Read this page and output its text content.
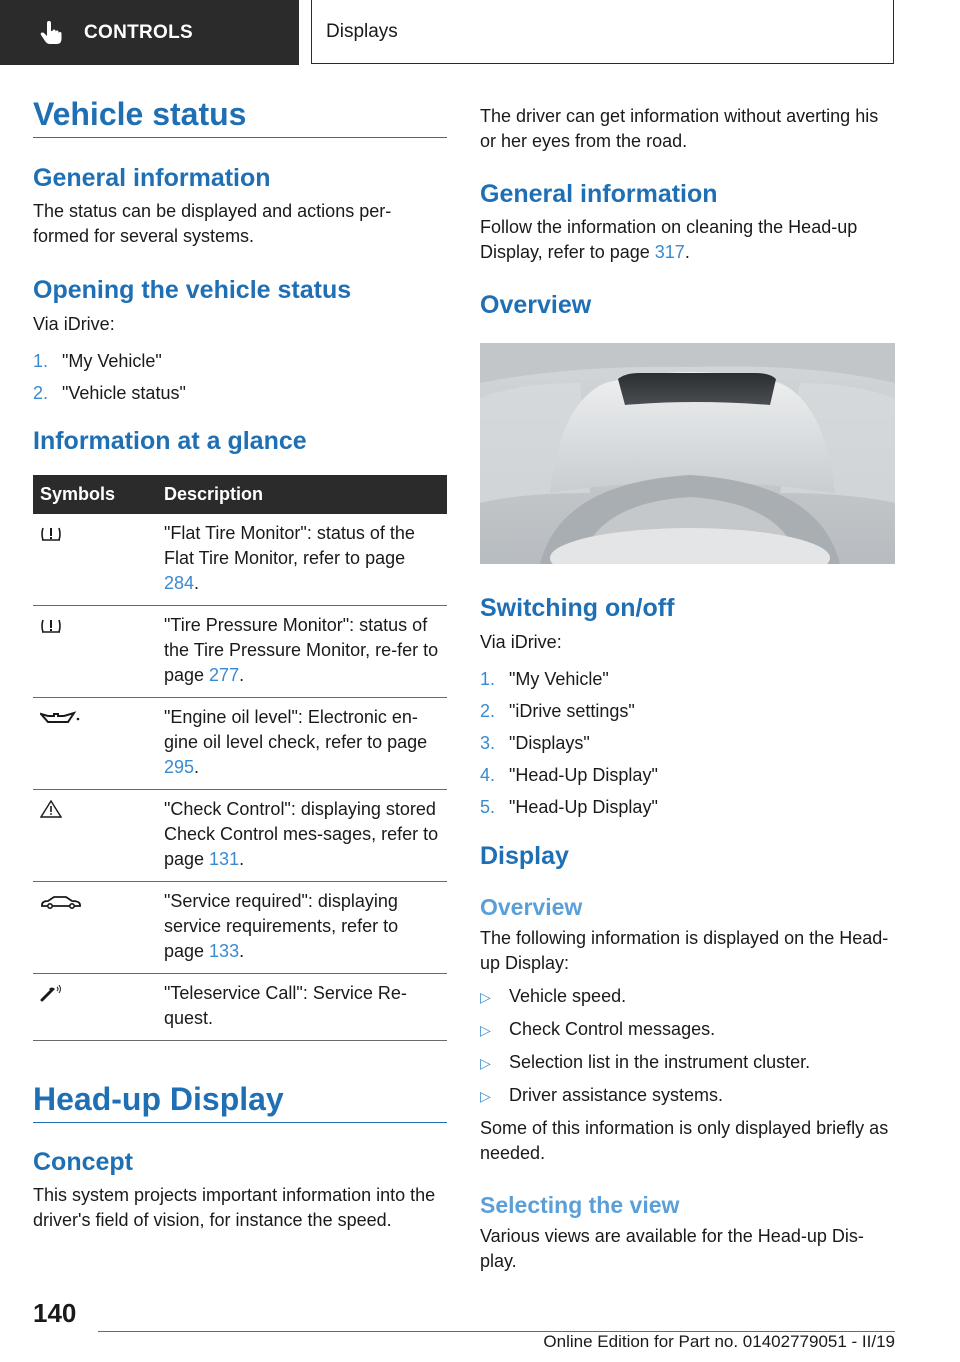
CONTROLS	Displays
Vehicle status
General information

The status can be displayed and actions per-formed for several systems.

Opening the vehicle status

Via iDrive:

1. "My Vehicle"
2. "Vehicle status"
Information at a glance
Symbols	Description
	"Flat Tire Monitor": status of the Flat Tire Monitor, refer to page 284.
	"Tire Pressure Monitor": status of the Tire Pressure Monitor, re-fer to page 277.
	"Engine oil level": Electronic en-gine oil level check, refer to page 295.
	"Check Control": displaying stored Check Control mes-sages, refer to page 131.
	"Service required": displaying service requirements, refer to page 133.
	"Teleservice Call": Service Re-quest.
Head-up Display
Concept

This system projects important information into the driver's field of vision, for instance the speed.

The driver can get information without averting his or her eyes from the road.

General information

Follow the information on cleaning the Head-up Display, refer to page 317.

Overview
Switching on/off

Via iDrive:

1. "My Vehicle"
2. "iDrive settings"
3. "Displays"
4. "Head-Up Display"
5. "Head-Up Display"
Display
Overview

The following information is displayed on the Head-up Display:

▷	Vehicle speed.
▷	Check Control messages.
▷	Selection list in the instrument cluster.
▷	Driver assistance systems.

Some of this information is only displayed briefly as needed.

Selecting the view

Various views are available for the Head-up Dis-play.

140
Online Edition for Part no. 01402779051 - II/19
